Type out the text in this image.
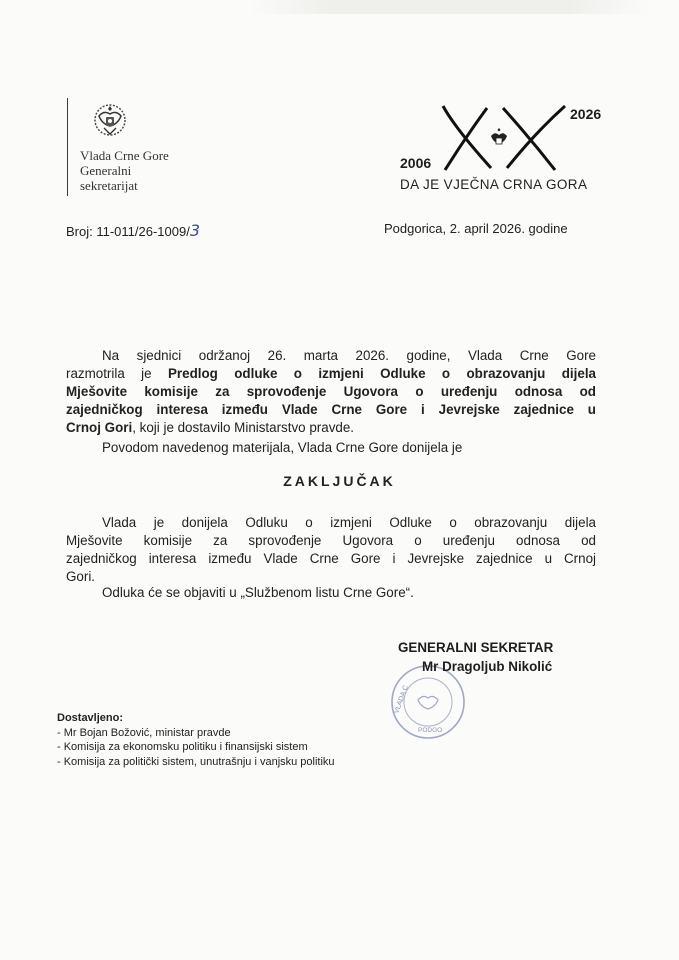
Vlada Crne Gore
Generalni
sekretarijat
2026
2006
DA JE VJEČNA CRNA GORA
Broj: 11-011/26-1009/3	Podgorica, 2. april 2026. godine
Na sjednici održanoj 26. marta 2026. godine, Vlada Crne Gore
razmotrila je Predlog odluke o izmjeni Odluke o obrazovanju dijela
Mješovite komisije za sprovođenje Ugovora o uređenju odnosa od
zajedničkog interesa između Vlade Crne Gore i Jevrejske zajednice u
Crnoj Gori, koji je dostavilo Ministarstvo pravde.
Povodom navedenog materijala, Vlada Crne Gore donijela je
ZAKLJUČAK
Vlada je donijela Odluku o izmjeni Odluke o obrazovanju dijela
Mješovite komisije za sprovođenje Ugovora o uređenju odnosa od
zajedničkog interesa između Vlade Crne Gore i Jevrejske zajednice u Crnoj
Gori.
Odluka će se objaviti u „Službenom listu Crne Gore“.
VLADA C
PODGO
GENERALNI SEKRETAR
Mr Dragoljub Nikolić
Dostavljeno:
- Mr Bojan Božović, ministar pravde
- Komisija za ekonomsku politiku i finansijski sistem
- Komisija za politički sistem, unutrašnju i vanjsku politiku
